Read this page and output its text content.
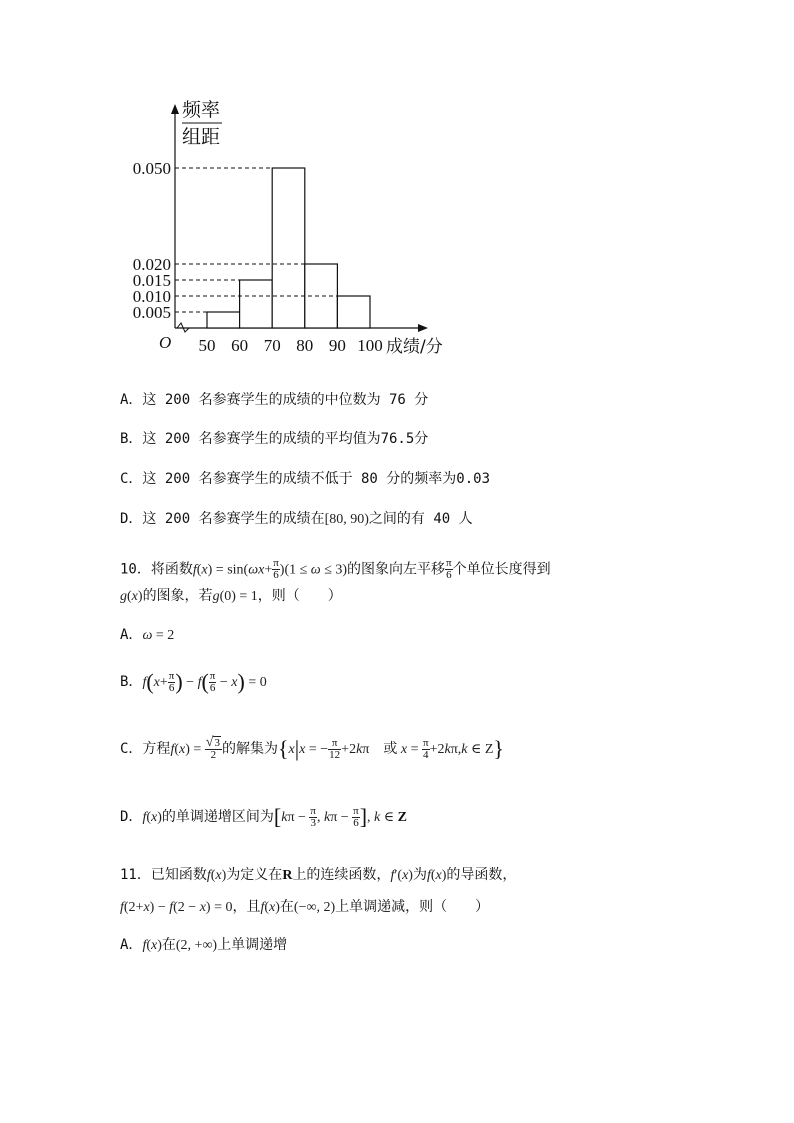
0.005
0.010
0.015
0.020
0.050
50 60 70 80 90 100
O
频率
组距
成绩/分
A．这 200 名参赛学生的成绩的中位数为 76 分
B．这 200 名参赛学生的成绩的平均值为76.5分
C．这 200 名参赛学生的成绩不低于 80 分的频率为0.03
D．这 200 名参赛学生的成绩在[80, 90)之间的有 40 人
10．将函数$f(x) = \sin(\omega x+ \frac{\pi}{6} )(1 \le \omega \le 3)$的图象向左平移 $\frac{\pi}{6}$ 个单位长度得到
g(x)的图象，若g(0) = 1，则（　　）
A．ω = 2
B．$f(x+ \frac{\pi}{6}$ ) − $f( \frac{\pi}{6} - x) = 0$
C．方程$f(x) = \frac{√3}{2}$ 的解集为{x|x = − $\frac{\pi}{12} +2k\pi$　或 $x = \frac{\pi}{4} +2k\pi,k$ ∈ Z}
D．f(x)的单调递增区间为[$k\pi - \frac{\pi}{3}$ , $k\pi - \frac{\pi}{6}$ ], k ∈ Z
11．已知函数f(x)为定义在R上的连续函数，f′(x)为f(x)的导函数，
f(2+x) − f(2 − x) = 0，且f(x)在(−∞, 2)上单调递减，则（　　）
A．f(x)在(2, +∞)上单调递增
